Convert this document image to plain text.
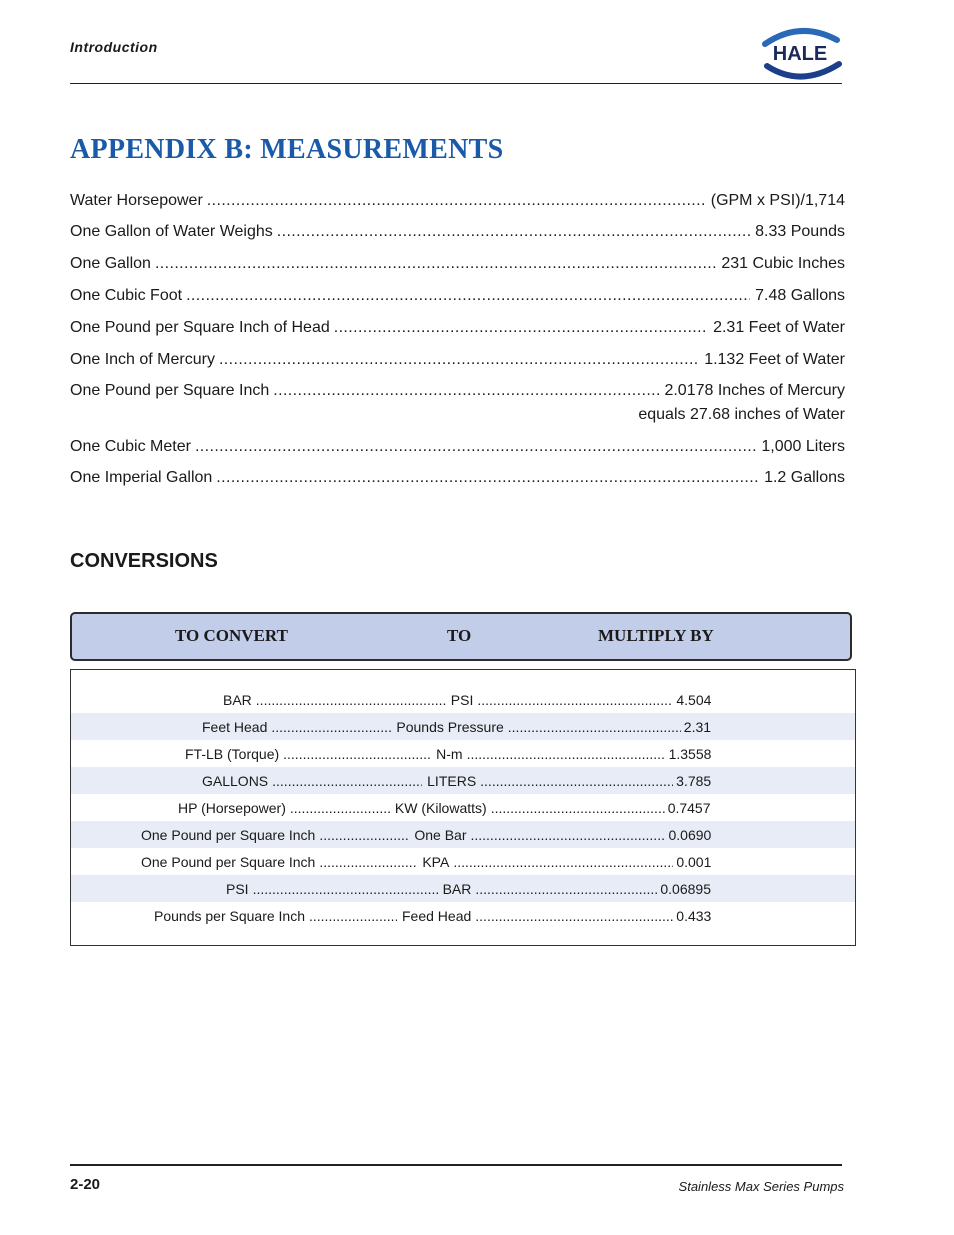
Introduction	HALE
APPENDIX B: MEASUREMENTS
Water Horsepower .....	(GPM x PSI)/1,714
One Gallon of Water Weighs .....	8.33 Pounds
One Gallon .....	231 Cubic Inches
One Cubic Foot .....	7.48 Gallons
One Pound per Square Inch of Head .....	2.31 Feet of Water
One Inch of Mercury .....	1.132 Feet of Water
One Pound per Square Inch .....	2.0178 Inches of Mercury
equals 27.68 inches of Water
One Cubic Meter .....	1,000 Liters
One Imperial Gallon .....	1.2 Gallons
CONVERSIONS
TO CONVERT	TO	MULTIPLY BY
BAR .....	PSI .....	4.504
Feet Head .....	Pounds Pressure .....	2.31
FT-LB (Torque) .....	N-m .....	1.3558
GALLONS .....	LITERS .....	3.785
HP (Horsepower) .....	KW (Kilowatts) .....	0.7457
One Pound per Square Inch .....	One Bar .....	0.0690
One Pound per Square Inch .....	KPA .....	0.001
PSI .....	BAR .....	0.06895
Pounds per Square Inch .....	Feed Head .....	0.433
2-20	Stainless Max Series Pumps
